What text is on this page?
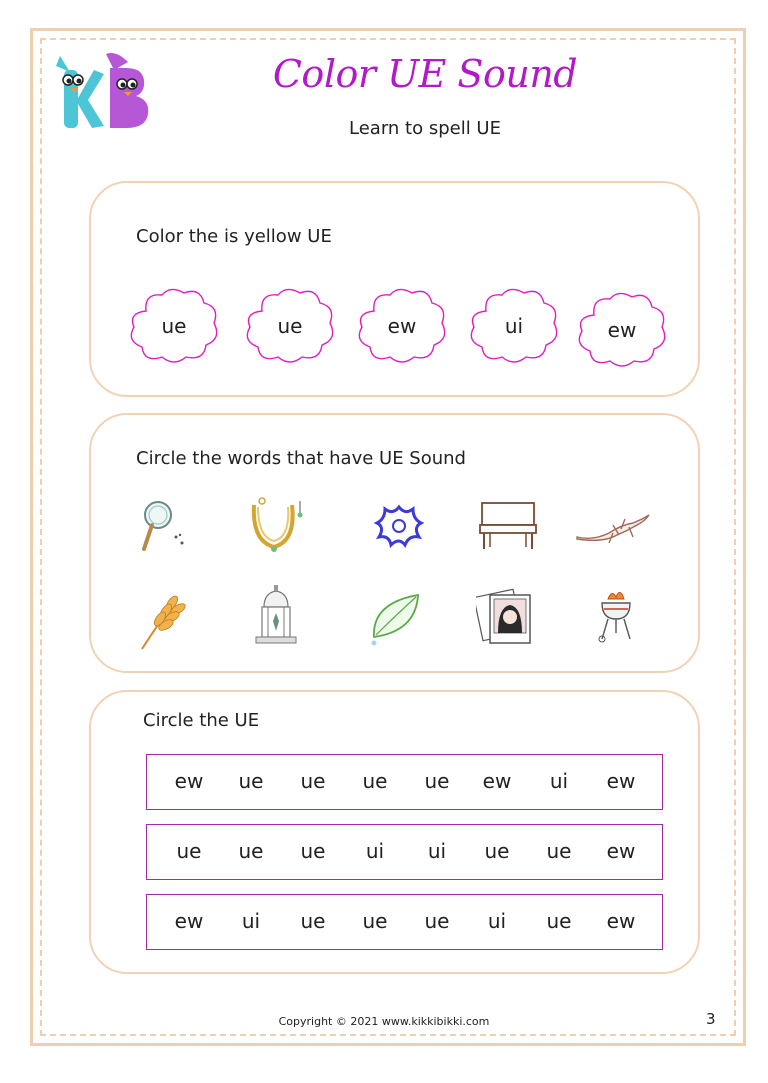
Color UE Sound
Learn to spell UE
Color the is yellow UE
ue	ue	ew	ui	ew
Circle the words that have UE Sound
Circle the UE
ew	ue	ue	ue	ue	ew	ui	ew
ue	ue	ue	ui	ui	ue	ue	ew
ew	ui	ue	ue	ue	ui	ue	ew
Copyright © 2021 www.kikkibikki.com	3
